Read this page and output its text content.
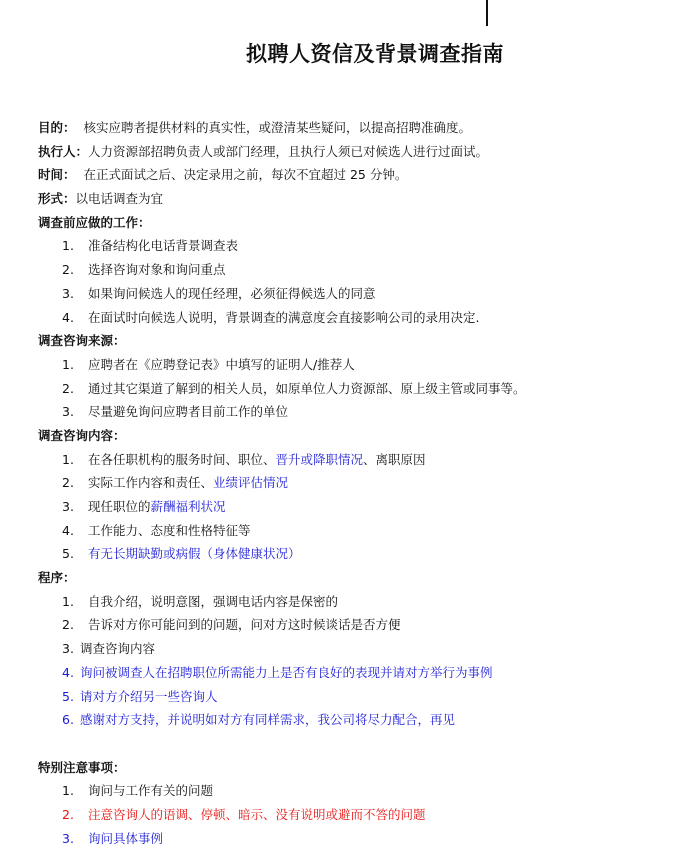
拟聘人资信及背景调查指南
目的： 核实应聘者提供材料的真实性，或澄清某些疑问，以提高招聘准确度。
执行人：人力资源部招聘负责人或部门经理，且执行人须已对候选人进行过面试。
时间： 在正式面试之后、决定录用之前，每次不宜超过 25 分钟。
形式：以电话调查为宜
调查前应做的工作：
1. 准备结构化电话背景调查表
2. 选择咨询对象和询问重点
3. 如果询问候选人的现任经理，必须征得候选人的同意
4. 在面试时向候选人说明，背景调查的满意度会直接影响公司的录用决定.
调查咨询来源：
1. 应聘者在《应聘登记表》中填写的证明人/推荐人
2. 通过其它渠道了解到的相关人员，如原单位人力资源部、原上级主管或同事等。
3. 尽量避免询问应聘者目前工作的单位
调查咨询内容：
1. 在各任职机构的服务时间、职位、晋升或降职情况、离职原因
2. 实际工作内容和责任、业绩评估情况
3. 现任职位的薪酬福利状况
4. 工作能力、态度和性格特征等
5. 有无长期缺勤或病假（身体健康状况）
程序：
1. 自我介绍，说明意图，强调电话内容是保密的
2. 告诉对方你可能问到的问题，问对方这时候谈话是否方便
3. 调查咨询内容
4. 询问被调查人在招聘职位所需能力上是否有良好的表现并请对方举行为事例
5. 请对方介绍另一些咨询人
6. 感谢对方支持，并说明如对方有同样需求，我公司将尽力配合，再见
特别注意事项：
1. 询问与工作有关的问题
2. 注意咨询人的语调、停顿、暗示、没有说明或避而不答的问题
3. 询问具体事例
